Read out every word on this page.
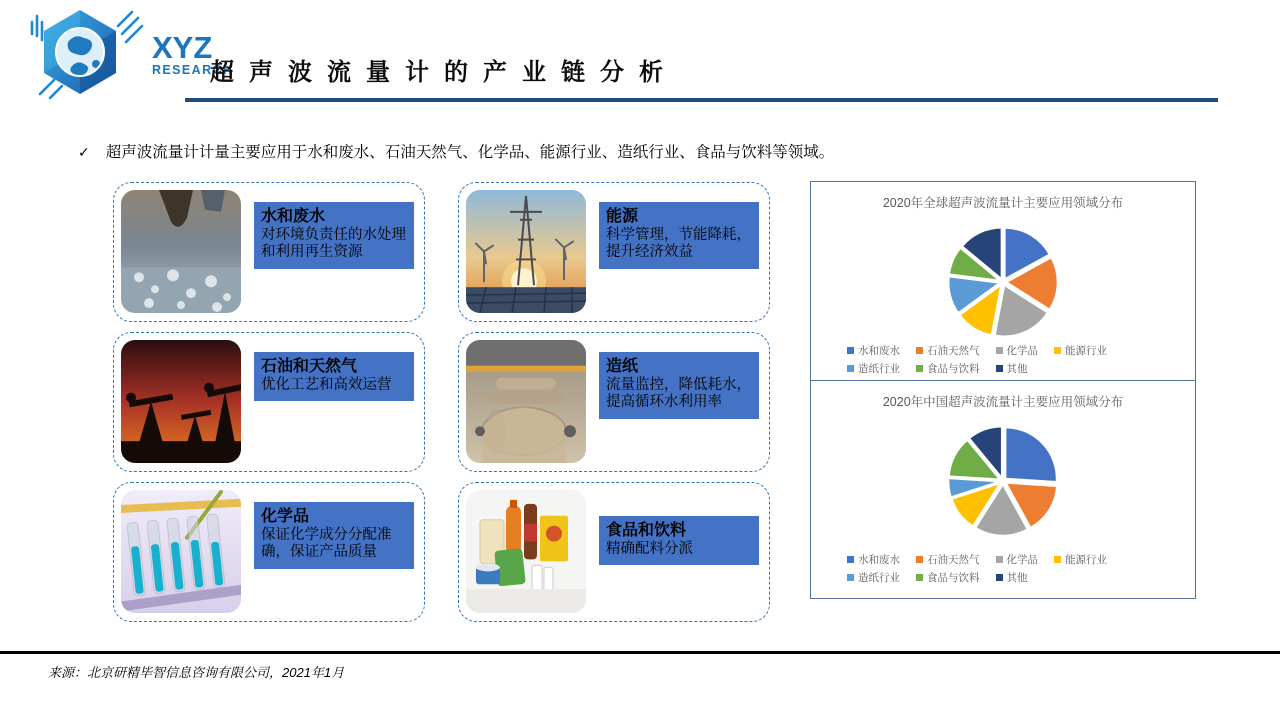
XYZ
RESEARCH
超声波流量计的产业链分析
✓ 超声波流量计计量主要应用于水和废水、石油天然气、化学品、能源行业、造纸行业、食品与饮料等领域。
水和废水
对环境负责任的水处理和利用再生资源
石油和天然气
优化工艺和高效运营
化学品
保证化学成分分配准确，保证产品质量
能源
科学管理，节能降耗，提升经济效益
造纸
流量监控，降低耗水，提高循环水利用率
食品和饮料
精确配料分派
2020年全球超声波流量计主要应用领域分布
水和废水	石油天然气	化学品	能源行业
造纸行业	食品与饮料	其他
2020年中国超声波流量计主要应用领域分布
水和废水	石油天然气	化学品	能源行业
造纸行业	食品与饮料	其他
来源：北京研精毕智信息咨询有限公司，2021年1月
